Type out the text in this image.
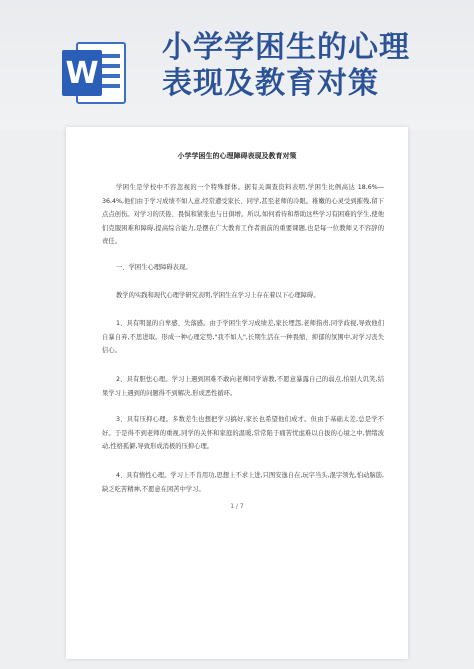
W
小学学困生的心理
表现及教育对策
小学学困生的心理障碍表现及教育对策

学困生是学校中不容忽视的一个特殊群体。据有关调查资料表明,学困生比例高达 18.6%—36.4%,他们由于学习成绩不如人意,经常遭受家长、同学,甚至老师的冷眼。稚嫩的心灵受到摧残,留下点点创伤。对学习的厌倦、畏惧和紧张也与日俱增。所以,如何看待和帮助这些学习有困难的学生,使他们克服困难和障碍,提高综合能力,是摆在广大教育工作者面前的重要课题,也是每一位教师义不容辞的责任。

一、学困生心理障碍表现。

教学的实践和现代心理学研究表明,学困生在学习上存在着以下心理障碍。

1、具有明显的自卑感、失落感。由于学困生学习成绩差,家长埋怨,老师指责,同学歧视,导致他们自暴自弃,不思进取。形成一种心理定势,"我不如人",长期生活在一种畏缩、抑郁的氛围中,对学习丧失信心。

2、具有胆怯心理。学习上遇到困难不敢向老师同学请教,不愿意暴露自己的弱点,怕别人讥笑,结果学习上遇到的问题得不到解决,形成恶性循环。

3、具有压抑心理。多数差生也想把学习搞好,家长也希望他们成才。但由于基础太差,总是学不好。于是得不到老师的重视,同学的关怀和家庭的温暖,常常陷于痛苦忧虑难以自拔的心境之中,情绪波动,性格孤僻,导致形成消极的压抑心理。

4、具有惰性心理。学习上不肯用功,思想上不求上进,只图安逸自在,玩字当头,混字领先,怕动脑筋,缺乏吃苦精神,不愿意在困苦中学习。

1 / 7
